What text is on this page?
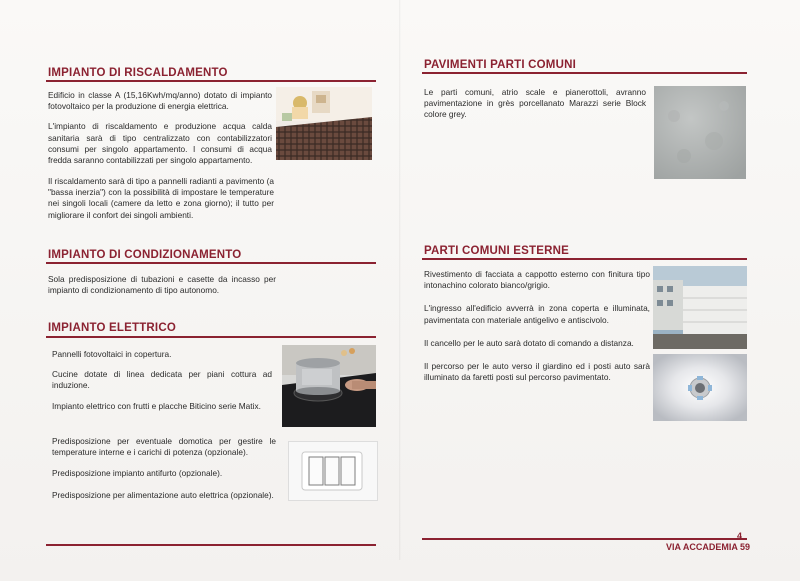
IMPIANTO DI RISCALDAMENTO

Edificio in classe A (15,16Kwh/mq/anno) dotato di impianto fotovoltaico per la produzione di energia elettrica.

L'impianto di riscaldamento e produzione acqua calda sanitaria sarà di tipo centralizzato con contabilizzatori consumi per singolo appartamento. I consumi di acqua fredda saranno contabilizzati per singolo appartamento.

Il riscaldamento sarà di tipo a pannelli radianti a pavimento (a "bassa inerzia") con la possibilità di impostare le temperature nei singoli locali (camere da letto e zona giorno); il tutto per migliorare il confort dei singoli ambienti.

IMPIANTO DI CONDIZIONAMENTO

Sola predisposizione di tubazioni e casette da incasso per impianto di condizionamento di tipo autonomo.

IMPIANTO ELETTRICO

Pannelli fotovoltaici in copertura.

Cucine dotate di linea dedicata per piani cottura ad induzione.

Impianto elettrico con frutti e placche Biticino serie Matix.

Predisposizione per eventuale domotica per gestire le temperature interne e i carichi di potenza (opzionale).

Predisposizione impianto antifurto (opzionale).

Predisposizione per alimentazione auto elettrica (opzionale).

PAVIMENTI PARTI COMUNI

Le parti comuni, atrio scale e pianerottoli, avranno pavimentazione in grès porcellanato Marazzi serie Block colore grey.

PARTI COMUNI ESTERNE

Rivestimento di facciata a cappotto esterno con finitura tipo intonachino colorato bianco/grigio.

L'ingresso all'edificio avverrà in zona coperta e illuminata, pavimentata con materiale antigelivo e antiscivolo.

Il cancello per le auto sarà dotato di comando a distanza.

Il percorso per le auto verso il giardino ed i posti auto sarà illuminato da faretti posti sul percorso pavimentato.

4
VIA ACCADEMIA 59
